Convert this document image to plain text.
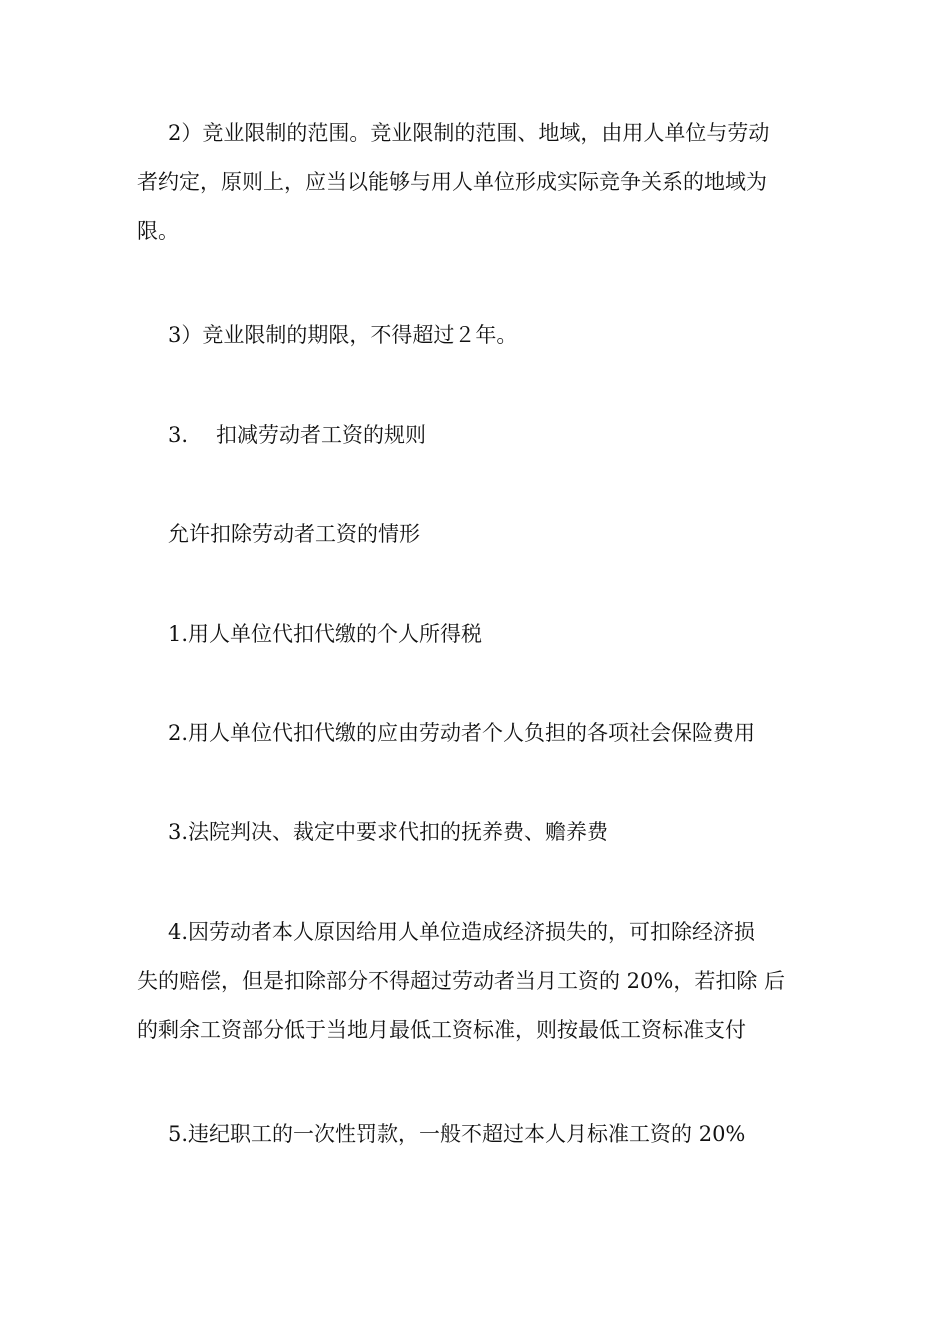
2）竞业限制的范围。竞业限制的范围、地域，由用人单位与劳动
者约定，原则上，应当以能够与用人单位形成实际竞争关系的地域为
限。

3）竞业限制的期限，不得超过２年。

3. 扣减劳动者工资的规则

允许扣除劳动者工资的情形

1.用人单位代扣代缴的个人所得税

2.用人单位代扣代缴的应由劳动者个人负担的各项社会保险费用

3.法院判决、裁定中要求代扣的抚养费、赡养费

4.因劳动者本人原因给用人单位造成经济损失的，可扣除经济损
失的赔偿，但是扣除部分不得超过劳动者当月工资的 20%，若扣除 后
的剩余工资部分低于当地月最低工资标准，则按最低工资标准支付

5.违纪职工的一次性罚款，一般不超过本人月标准工资的 20%
